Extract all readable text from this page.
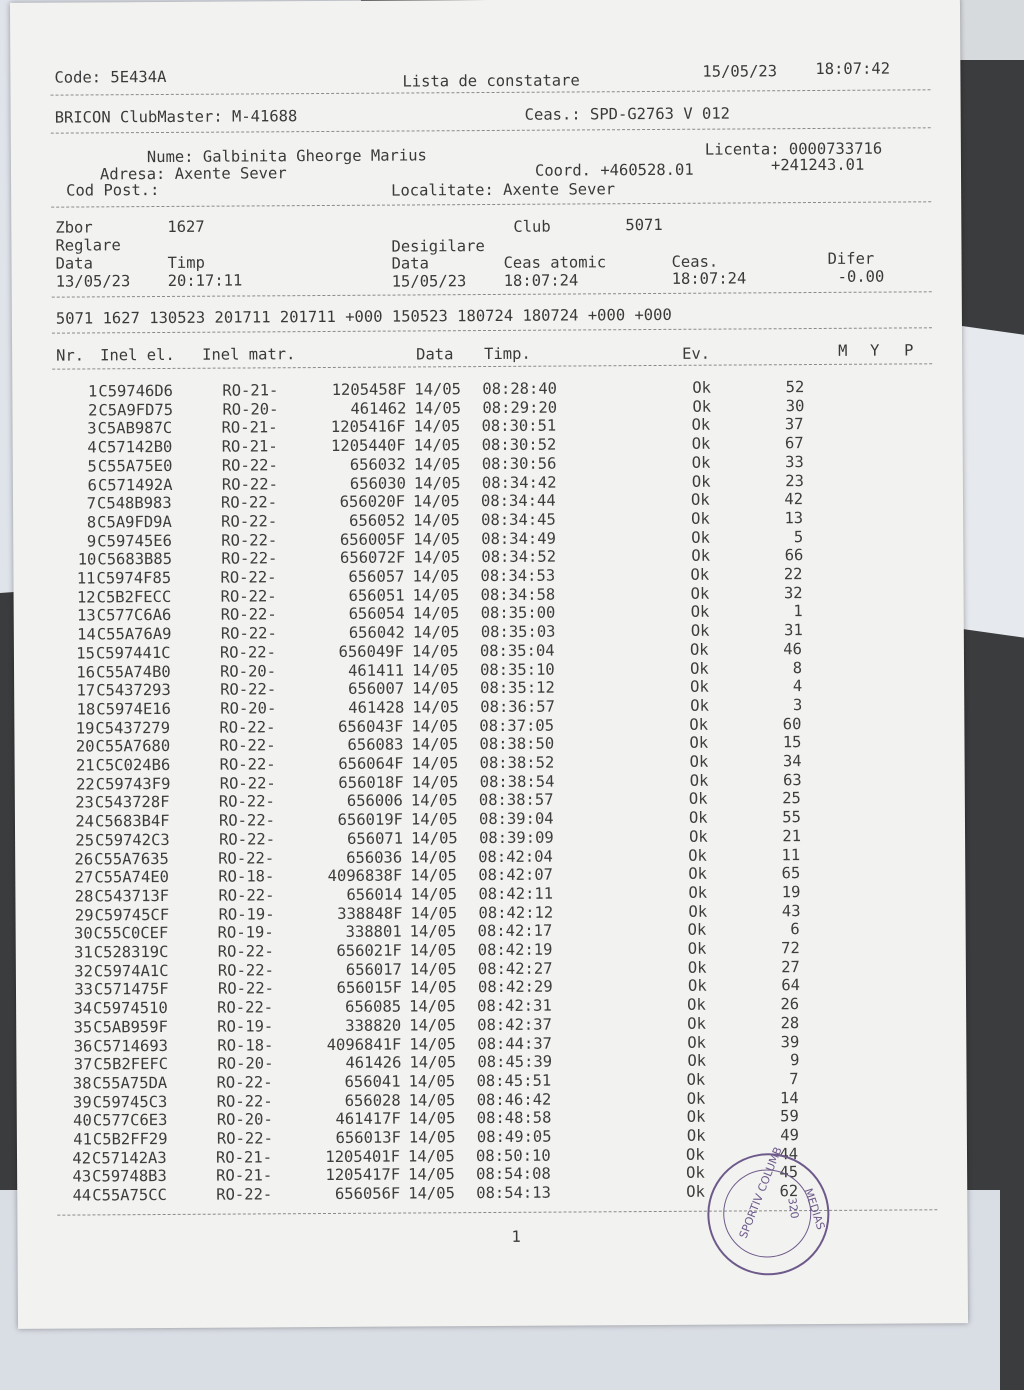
Code: 5E434A	Lista de constatare	15/05/23 18:07:42
BRICON ClubMaster: M-41688	Ceas.: SPD-G2763 V 012
Nume: Galbinita Gheorge Marius	Licenta: 0000733716
Adresa: Axente Sever	Coord. +460528.01	+241243.01
Cod Post.:	Localitate: Axente Sever
Zbor	1627	Club	5071
Reglare	Desigilare
Data	Timp	Data	Ceas atomic	Ceas.	Difer
13/05/23 20:17:11	15/05/23 18:07:24	18:07:24	-0.00
5071 1627 130523 201711 201711 +000 150523 180724 180724 +000 +000
Nr. Inel el. Inel matr.	Data Timp.	Ev.	M Y P
1 C59746D6	RO-21-	1205458F 14/05 08:28:40	Ok	52
2 C5A9FD75	RO-20-	461462 14/05 08:29:20	Ok	30
3 C5AB987C	RO-21-	1205416F 14/05 08:30:51	Ok	37
4 C57142B0	RO-21-	1205440F 14/05 08:30:52	Ok	67
5 C55A75E0	RO-22-	656032 14/05 08:30:56	Ok	33
6 C571492A	RO-22-	656030 14/05 08:34:42	Ok	23
7 C548B983	RO-22-	656020F 14/05 08:34:44	Ok	42
8 C5A9FD9A	RO-22-	656052 14/05 08:34:45	Ok	13
9 C59745E6	RO-22-	656005F 14/05 08:34:49	Ok	5
10 C5683B85	RO-22-	656072F 14/05 08:34:52	Ok	66
11 C5974F85	RO-22-	656057 14/05 08:34:53	Ok	22
12 C5B2FECC	RO-22-	656051 14/05 08:34:58	Ok	32
13 C577C6A6	RO-22-	656054 14/05 08:35:00	Ok	1
14 C55A76A9	RO-22-	656042 14/05 08:35:03	Ok	31
15 C597441C	RO-22-	656049F 14/05 08:35:04	Ok	46
16 C55A74B0	RO-20-	461411 14/05 08:35:10	Ok	8
17 C5437293	RO-22-	656007 14/05 08:35:12	Ok	4
18 C5974E16	RO-20-	461428 14/05 08:36:57	Ok	3
19 C5437279	RO-22-	656043F 14/05 08:37:05	Ok	60
20 C55A7680	RO-22-	656083 14/05 08:38:50	Ok	15
21 C5C024B6	RO-22-	656064F 14/05 08:38:52	Ok	34
22 C59743F9	RO-22-	656018F 14/05 08:38:54	Ok	63
23 C543728F	RO-22-	656006 14/05 08:38:57	Ok	25
24 C5683B4F	RO-22-	656019F 14/05 08:39:04	Ok	55
25 C59742C3	RO-22-	656071 14/05 08:39:09	Ok	21
26 C55A7635	RO-22-	656036 14/05 08:42:04	Ok	11
27 C55A74E0	RO-18-	4096838F 14/05 08:42:07	Ok	65
28 C543713F	RO-22-	656014 14/05 08:42:11	Ok	19
29 C59745CF	RO-19-	338848F 14/05 08:42:12	Ok	43
30 C55C0CEF	RO-19-	338801 14/05 08:42:17	Ok	6
31 C528319C	RO-22-	656021F 14/05 08:42:19	Ok	72
32 C5974A1C	RO-22-	656017 14/05 08:42:27	Ok	27
33 C571475F	RO-22-	656015F 14/05 08:42:29	Ok	64
34 C5974510	RO-22-	656085 14/05 08:42:31	Ok	26
35 C5AB959F	RO-19-	338820 14/05 08:42:37	Ok	28
36 C5714693	RO-18-	4096841F 14/05 08:44:37	Ok	39
37 C5B2FEFC	RO-20-	461426 14/05 08:45:39	Ok	9
38 C55A75DA	RO-22-	656041 14/05 08:45:51	Ok	7
39 C59745C3	RO-22-	656028 14/05 08:46:42	Ok	14
40 C577C6E3	RO-20-	461417F 14/05 08:48:58	Ok	59
41 C5B2FF29	RO-22-	656013F 14/05 08:49:05	Ok	49
42 C57142A3	RO-21-	1205401F 14/05 08:50:10	Ok	44
43 C59748B3	RO-21-	1205417F 14/05 08:54:08	Ok	45
44 C55A75CC	RO-22-	656056F 14/05 08:54:13	Ok	62
1	SPORTIV COLUMB MEDIAS
320
